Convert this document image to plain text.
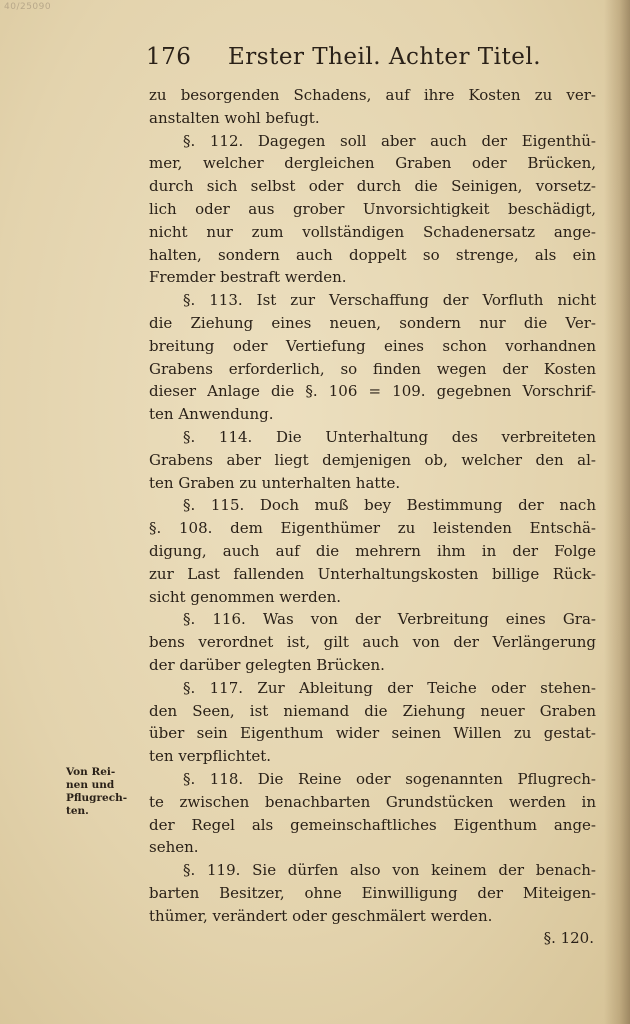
40/25090
176 Erster Theil. Achter Titel.
Von Rei-
nen und
Pflugrech-
ten.
zu besorgenden Schadens, auf ihre Kosten zu ver-
anstalten wohl befugt.
§. 112. Dagegen soll aber auch der Eigenthü-
mer, welcher dergleichen Graben oder Brücken,
durch sich selbst oder durch die Seinigen, vorsetz-
lich oder aus grober Unvorsichtigkeit beschädigt,
nicht nur zum vollständigen Schadenersatz ange-
halten, sondern auch doppelt so strenge, als ein
Fremder bestraft werden.
§. 113. Ist zur Verschaffung der Vorfluth nicht
die Ziehung eines neuen, sondern nur die Ver-
breitung oder Vertiefung eines schon vorhandnen
Grabens erforderlich, so finden wegen der Kosten
dieser Anlage die §. 106 = 109. gegebnen Vorschrif-
ten Anwendung.
§. 114. Die Unterhaltung des verbreiteten
Grabens aber liegt demjenigen ob, welcher den al-
ten Graben zu unterhalten hatte.
§. 115. Doch muß bey Bestimmung der nach
§. 108. dem Eigenthümer zu leistenden Entschä-
digung, auch auf die mehrern ihm in der Folge
zur Last fallenden Unterhaltungskosten billige Rück-
sicht genommen werden.
§. 116. Was von der Verbreitung eines Gra-
bens verordnet ist, gilt auch von der Verlängerung
der darüber gelegten Brücken.
§. 117. Zur Ableitung der Teiche oder stehen-
den Seen, ist niemand die Ziehung neuer Graben
über sein Eigenthum wider seinen Willen zu gestat-
ten verpflichtet.
§. 118. Die Reine oder sogenannten Pflugrech-
te zwischen benachbarten Grundstücken werden in
der Regel als gemeinschaftliches Eigenthum ange-
sehen.
§. 119. Sie dürfen also von keinem der benach-
barten Besitzer, ohne Einwilligung der Miteigen-
thümer, verändert oder geschmälert werden.
§. 120.
